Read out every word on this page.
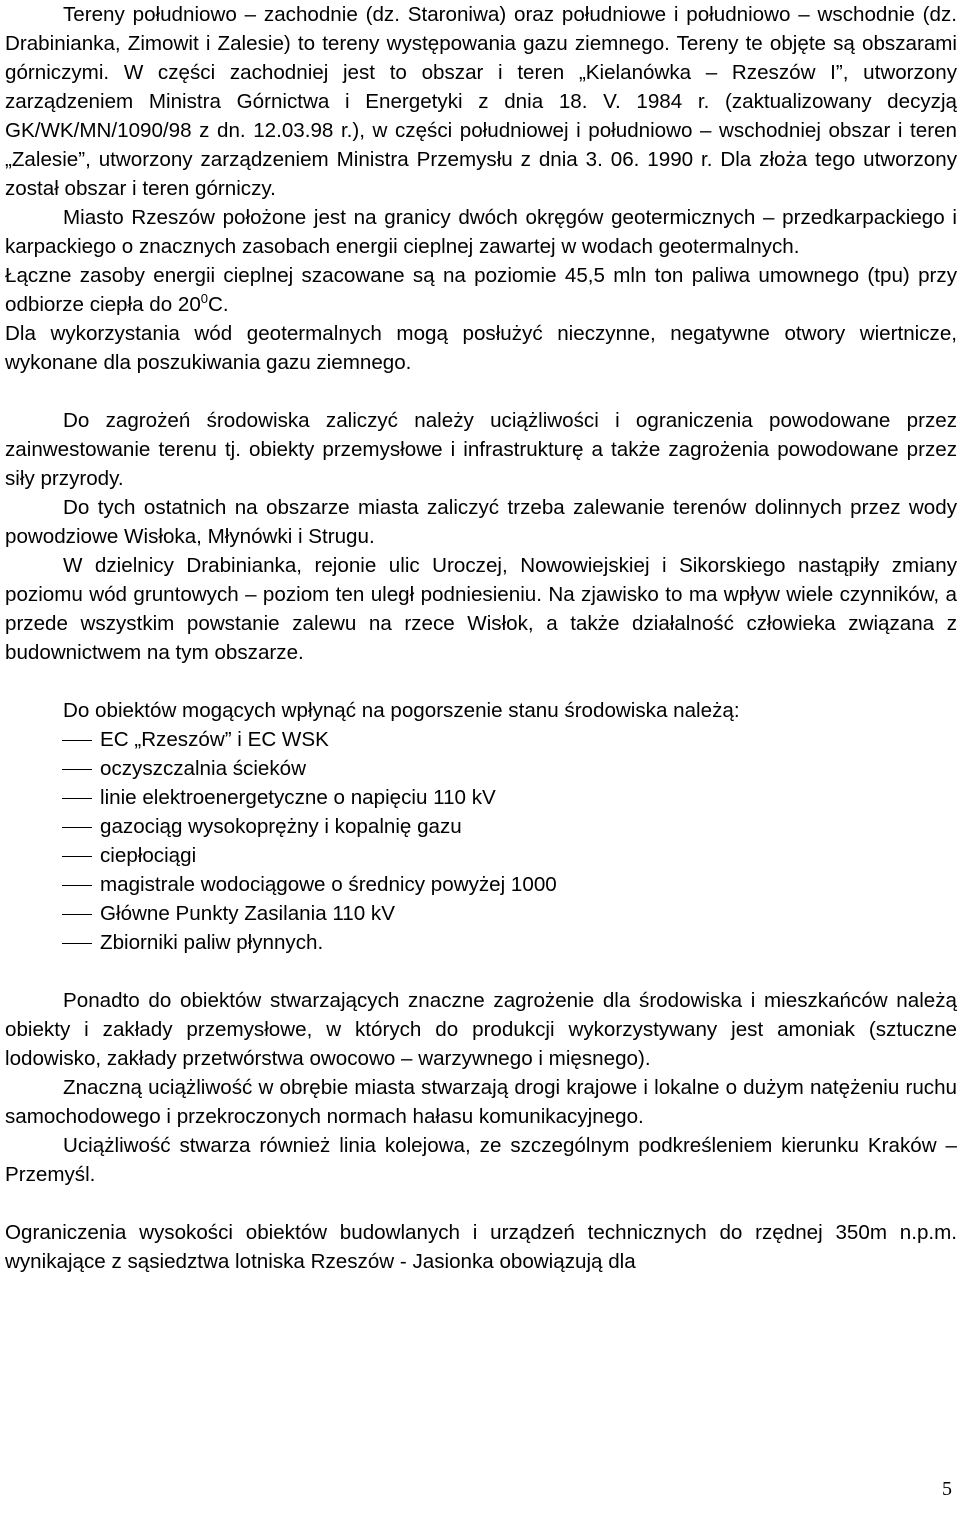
Tereny południowo – zachodnie (dz. Staroniwa) oraz południowe i południowo – wschodnie (dz. Drabinianka, Zimowit i Zalesie) to tereny występowania gazu ziemnego. Tereny te objęte są obszarami górniczymi. W części zachodniej jest to obszar i teren „Kielanówka – Rzeszów I”, utworzony zarządzeniem Ministra Górnictwa i Energetyki z dnia 18. V. 1984 r. (zaktualizowany decyzją GK/WK/MN/1090/98 z dn. 12.03.98 r.), w części południowej i południowo – wschodniej obszar i teren „Zalesie”, utworzony zarządzeniem Ministra Przemysłu z dnia 3. 06. 1990 r. Dla złoża tego utworzony został obszar i teren górniczy.

Miasto Rzeszów położone jest na granicy dwóch okręgów geotermicznych – przedkarpackiego i karpackiego o znacznych zasobach energii cieplnej zawartej w wodach geotermalnych.

Łączne zasoby energii cieplnej szacowane są na poziomie 45,5 mln ton paliwa umownego (tpu) przy odbiorze ciepła do $20^0C$.

Dla wykorzystania wód geotermalnych mogą posłużyć nieczynne, negatywne otwory wiertnicze, wykonane dla poszukiwania gazu ziemnego.

Do zagrożeń środowiska zaliczyć należy uciążliwości i ograniczenia powodowane przez zainwestowanie terenu tj. obiekty przemysłowe i infrastrukturę a także zagrożenia powodowane przez siły przyrody.

Do tych ostatnich na obszarze miasta zaliczyć trzeba zalewanie terenów dolinnych przez wody powodziowe Wisłoka, Młynówki i Strugu.

W dzielnicy Drabinianka, rejonie ulic Uroczej, Nowowiejskiej i Sikorskiego nastąpiły zmiany poziomu wód gruntowych – poziom ten uległ podniesieniu. Na zjawisko to ma wpływ wiele czynników, a przede wszystkim powstanie zalewu na rzece Wisłok, a także działalność człowieka związana z budownictwem na tym obszarze.

Do obiektów mogących wpłynąć na pogorszenie stanu środowiska należą:

EC „Rzeszów” i EC WSK
oczyszczalnia ścieków
linie elektroenergetyczne o napięciu 110 kV
gazociąg wysokoprężny i kopalnię gazu
ciepłociągi
magistrale wodociągowe o średnicy powyżej 1000
Główne Punkty Zasilania 110 kV
Zbiorniki paliw płynnych.

Ponadto do obiektów stwarzających znaczne zagrożenie dla środowiska i mieszkańców należą obiekty i zakłady przemysłowe, w których do produkcji wykorzystywany jest amoniak (sztuczne lodowisko, zakłady przetwórstwa owocowo – warzywnego i mięsnego).

Znaczną uciążliwość w obrębie miasta stwarzają drogi krajowe i lokalne o dużym natężeniu ruchu samochodowego i przekroczonych normach hałasu komunikacyjnego.

Uciążliwość stwarza również linia kolejowa, ze szczególnym podkreśleniem kierunku Kraków – Przemyśl.

Ograniczenia wysokości obiektów budowlanych i urządzeń technicznych do rzędnej 350m n.p.m. wynikające z sąsiedztwa lotniska Rzeszów - Jasionka obowiązują dla

5
